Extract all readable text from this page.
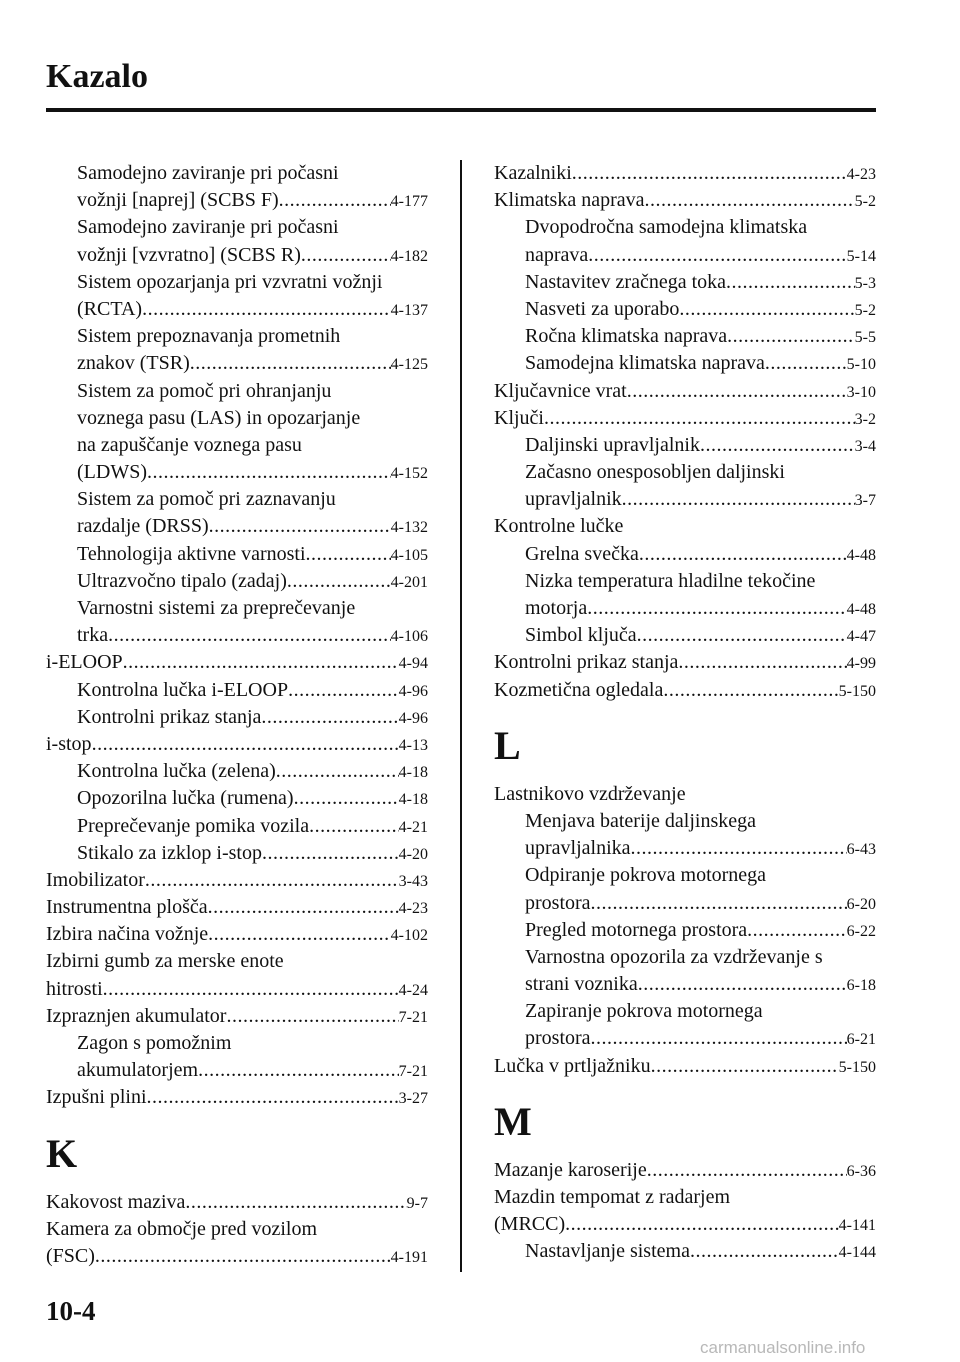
Kazalo
Samodejno zaviranje pri počasni
vožnji [naprej] (SCBS F) .....	4-177
Samodejno zaviranje pri počasni
vožnji [vzvratno] (SCBS R) .....	4-182
Sistem opozarjanja pri vzvratni vožnji
(RCTA) .....	4-137
Sistem prepoznavanja prometnih
znakov (TSR) .....	4-125
Sistem za pomoč pri ohranjanju
voznega pasu (LAS) in opozarjanje
na zapuščanje voznega pasu
(LDWS) .....	4-152
Sistem za pomoč pri zaznavanju
razdalje (DRSS) .....	4-132
Tehnologija aktivne varnosti .....	4-105
Ultrazvočno tipalo (zadaj) .....	4-201
Varnostni sistemi za preprečevanje
trka .....	4-106
i-ELOOP .....	4-94
Kontrolna lučka i-ELOOP .....	4-96
Kontrolni prikaz stanja .....	4-96
i-stop .....	4-13
Kontrolna lučka (zelena) .....	4-18
Opozorilna lučka (rumena) .....	4-18
Preprečevanje pomika vozila .....	4-21
Stikalo za izklop i-stop .....	4-20
Imobilizator .....	3-43
Instrumentna plošča .....	4-23
Izbira načina vožnje .....	4-102
Izbirni gumb za merske enote
hitrosti .....	4-24
Izpraznjen akumulator .....	7-21
Zagon s pomožnim
akumulatorjem .....	7-21
Izpušni plini .....	3-27
K
Kakovost maziva .....	9-7
Kamera za območje pred vozilom
(FSC) .....	4-191
Kazalniki .....	4-23
Klimatska naprava .....	5-2
Dvopodročna samodejna klimatska
naprava .....	5-14
Nastavitev zračnega toka .....	5-3
Nasveti za uporabo .....	5-2
Ročna klimatska naprava .....	5-5
Samodejna klimatska naprava .....	5-10
Ključavnice vrat .....	3-10
Ključi .....	3-2
Daljinski upravljalnik .....	3-4
Začasno onesposobljen daljinski
upravljalnik .....	3-7
Kontrolne lučke
Grelna svečka .....	4-48
Nizka temperatura hladilne tekočine
motorja .....	4-48
Simbol ključa .....	4-47
Kontrolni prikaz stanja .....	4-99
Kozmetična ogledala .....	5-150
L
Lastnikovo vzdrževanje
Menjava baterije daljinskega
upravljalnika .....	6-43
Odpiranje pokrova motornega
prostora .....	6-20
Pregled motornega prostora .....	6-22
Varnostna opozorila za vzdrževanje s
strani voznika .....	6-18
Zapiranje pokrova motornega
prostora .....	6-21
Lučka v prtljažniku .....	5-150
M
Mazanje karoserije .....	6-36
Mazdin tempomat z radarjem
(MRCC) .....	4-141
Nastavljanje sistema .....	4-144
10-4
carmanualsonline.info
